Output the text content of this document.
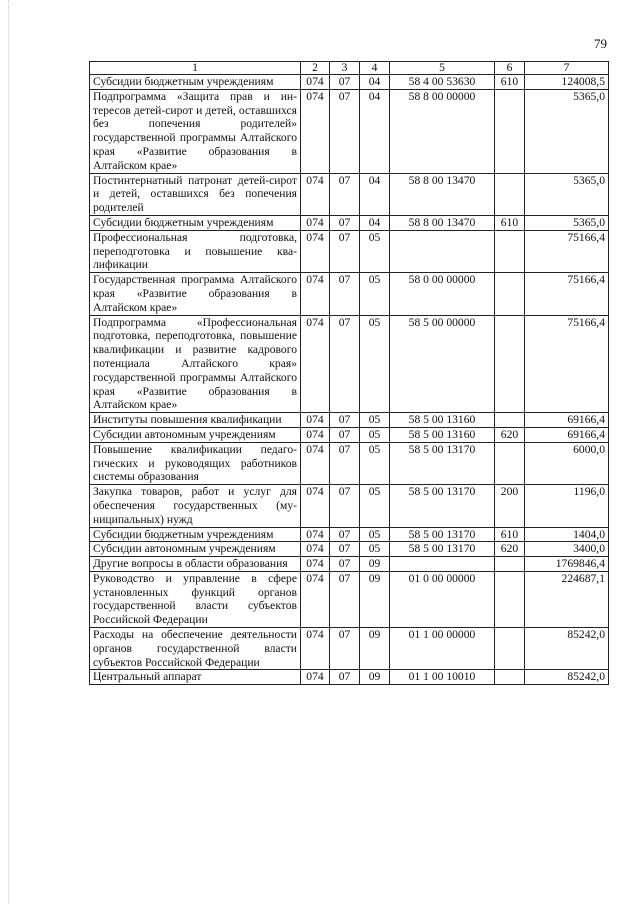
79
1	2	3	4	5	6	7
Субсидии бюджетным учреждениям	074	07	04	58 4 00 53630	610	124008,5
Подпрограмма «Защита прав и интересов детей-сирот и детей, оставшихся без попечения родителей» государственной программы Алтайского края «Развитие образования в Алтайском крае»	074	07	04	58 8 00 00000		5365,0
Постинтернатный патронат детей-сирот и детей, оставшихся без попечения родителей	074	07	04	58 8 00 13470		5365,0
Субсидии бюджетным учреждениям	074	07	04	58 8 00 13470	610	5365,0
Профессиональная подготовка, переподготовка и повышение квалификации	074	07	05			75166,4
Государственная программа Алтайского края «Развитие образования в Алтайском крае»	074	07	05	58 0 00 00000		75166,4
Подпрограмма «Профессиональная подготовка, переподготовка, повышение квалификации и развитие кадрового потенциала Алтайского края» государственной программы Алтайского края «Развитие образования в Алтайском крае»	074	07	05	58 5 00 00000		75166,4
Институты повышения квалификации	074	07	05	58 5 00 13160		69166,4
Субсидии автономным учреждениям	074	07	05	58 5 00 13160	620	69166,4
Повышение квалификации педагогических и руководящих работников системы образования	074	07	05	58 5 00 13170		6000,0
Закупка товаров, работ и услуг для обеспечения государственных (муниципальных) нужд	074	07	05	58 5 00 13170	200	1196,0
Субсидии бюджетным учреждениям	074	07	05	58 5 00 13170	610	1404,0
Субсидии автономным учреждениям	074	07	05	58 5 00 13170	620	3400,0
Другие вопросы в области образования	074	07	09			1769846,4
Руководство и управление в сфере установленных функций органов государственной власти субъектов Российской Федерации	074	07	09	01 0 00 00000		224687,1
Расходы на обеспечение деятельности органов государственной власти субъектов Российской Федерации	074	07	09	01 1 00 00000		85242,0
Центральный аппарат	074	07	09	01 1 00 10010		85242,0
